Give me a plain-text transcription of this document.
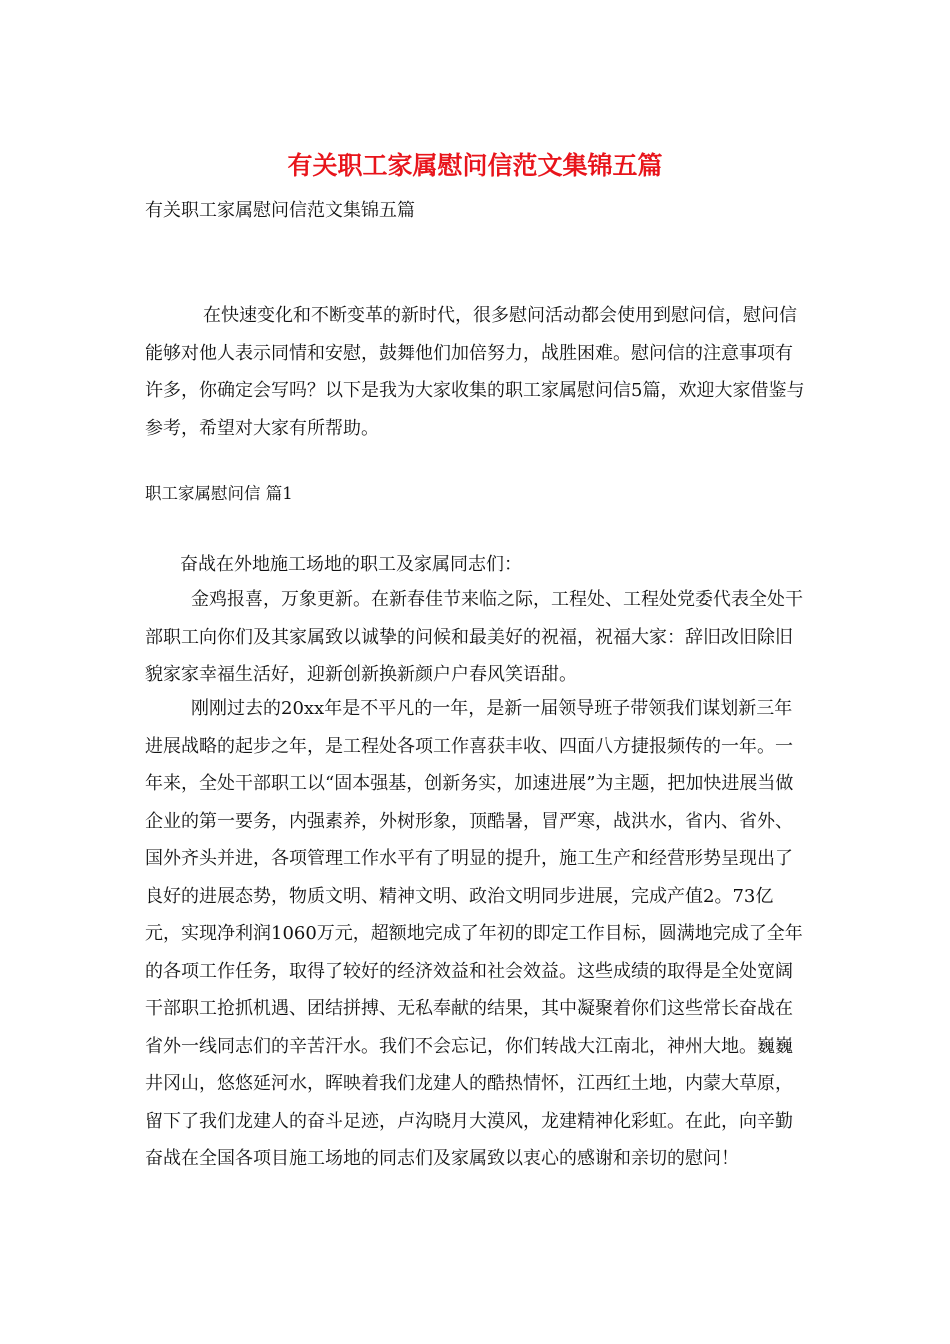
有关职工家属慰问信范文集锦五篇

有关职工家属慰问信范文集锦五篇

在快速变化和不断变革的新时代，很多慰问活动都会使用到慰问信，慰问信能够对他人表示同情和安慰，鼓舞他们加倍努力，战胜困难。慰问信的注意事项有许多，你确定会写吗？以下是我为大家收集的职工家属慰问信5篇，欢迎大家借鉴与参考，希望对大家有所帮助。

职工家属慰问信 篇1

奋战在外地施工场地的职工及家属同志们：

金鸡报喜，万象更新。在新春佳节来临之际，工程处、工程处党委代表全处干部职工向你们及其家属致以诚挚的问候和最美好的祝福，祝福大家：辞旧改旧除旧貌家家幸福生活好，迎新创新换新颜户户春风笑语甜。

刚刚过去的20xx年是不平凡的一年，是新一届领导班子带领我们谋划新三年进展战略的起步之年，是工程处各项工作喜获丰收、四面八方捷报频传的一年。一年来，全处干部职工以“固本强基，创新务实，加速进展”为主题，把加快进展当做企业的第一要务，内强素养，外树形象，顶酷暑，冒严寒，战洪水，省内、省外、国外齐头并进，各项管理工作水平有了明显的提升，施工生产和经营形势呈现出了良好的进展态势，物质文明、精神文明、政治文明同步进展，完成产值2。73亿元，实现净利润1060万元，超额地完成了年初的即定工作目标，圆满地完成了全年的各项工作任务，取得了较好的经济效益和社会效益。这些成绩的取得是全处宽阔干部职工抢抓机遇、团结拼搏、无私奉献的结果，其中凝聚着你们这些常长奋战在省外一线同志们的辛苦汗水。我们不会忘记，你们转战大江南北，神州大地。巍巍井冈山，悠悠延河水，晖映着我们龙建人的酷热情怀，江西红土地，内蒙大草原，留下了我们龙建人的奋斗足迹，卢沟晓月大漠风，龙建精神化彩虹。在此，向辛勤奋战在全国各项目施工场地的同志们及家属致以衷心的感谢和亲切的慰问！
